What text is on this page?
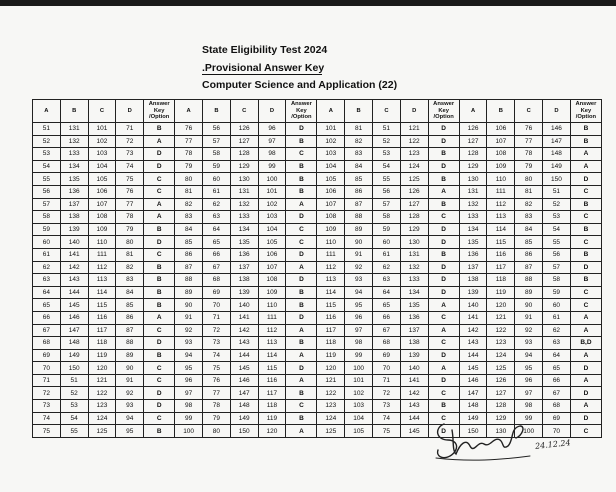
State Eligibility Test 2024
.Provisional Answer Key
Computer Science and Application (22)
A	B	C	D	Answer Key /Option	A	B	C	D	Answer Key /Option	A	B	C	D	Answer Key /Option	A	B	C	D	Answer Key /Option
51	131	101	71	B	76	56	126	96	D	101	81	51	121	D	126	106	76	146	B
52	132	102	72	A	77	57	127	97	B	102	82	52	122	D	127	107	77	147	B
53	133	103	73	D	78	58	128	98	C	103	83	53	123	B	128	108	78	148	A
54	134	104	74	D	79	59	129	99	B	104	84	54	124	D	129	109	79	149	A
55	135	105	75	C	80	60	130	100	B	105	85	55	125	B	130	110	80	150	D
56	136	106	76	C	81	61	131	101	B	106	86	56	126	A	131	111	81	51	C
57	137	107	77	A	82	62	132	102	A	107	87	57	127	B	132	112	82	52	B
58	138	108	78	A	83	63	133	103	D	108	88	58	128	C	133	113	83	53	C
59	139	109	79	B	84	64	134	104	C	109	89	59	129	D	134	114	84	54	B
60	140	110	80	D	85	65	135	105	C	110	90	60	130	D	135	115	85	55	C
61	141	111	81	C	86	66	136	106	D	111	91	61	131	B	136	116	86	56	B
62	142	112	82	B	87	67	137	107	A	112	92	62	132	D	137	117	87	57	D
63	143	113	83	B	88	68	138	108	D	113	93	63	133	D	138	118	88	58	B
64	144	114	84	B	89	69	139	109	B	114	94	64	134	D	139	119	89	59	C
65	145	115	85	B	90	70	140	110	B	115	95	65	135	A	140	120	90	60	C
66	146	116	86	A	91	71	141	111	D	116	96	66	136	C	141	121	91	61	A
67	147	117	87	C	92	72	142	112	A	117	97	67	137	A	142	122	92	62	A
68	148	118	88	D	93	73	143	113	B	118	98	68	138	C	143	123	93	63	B,D
69	149	119	89	B	94	74	144	114	A	119	99	69	139	D	144	124	94	64	A
70	150	120	90	C	95	75	145	115	D	120	100	70	140	A	145	125	95	65	D
71	51	121	91	C	96	76	146	116	A	121	101	71	141	D	146	126	96	66	A
72	52	122	92	D	97	77	147	117	B	122	102	72	142	C	147	127	97	67	D
73	53	123	93	D	98	78	148	118	C	123	103	73	143	B	148	128	98	68	A
74	54	124	94	C	99	79	149	119	B	124	104	74	144	C	149	129	99	69	D
75	55	125	95	B	100	80	150	120	A	125	105	75	145	D	150	130	100	70	C
24.12.24
